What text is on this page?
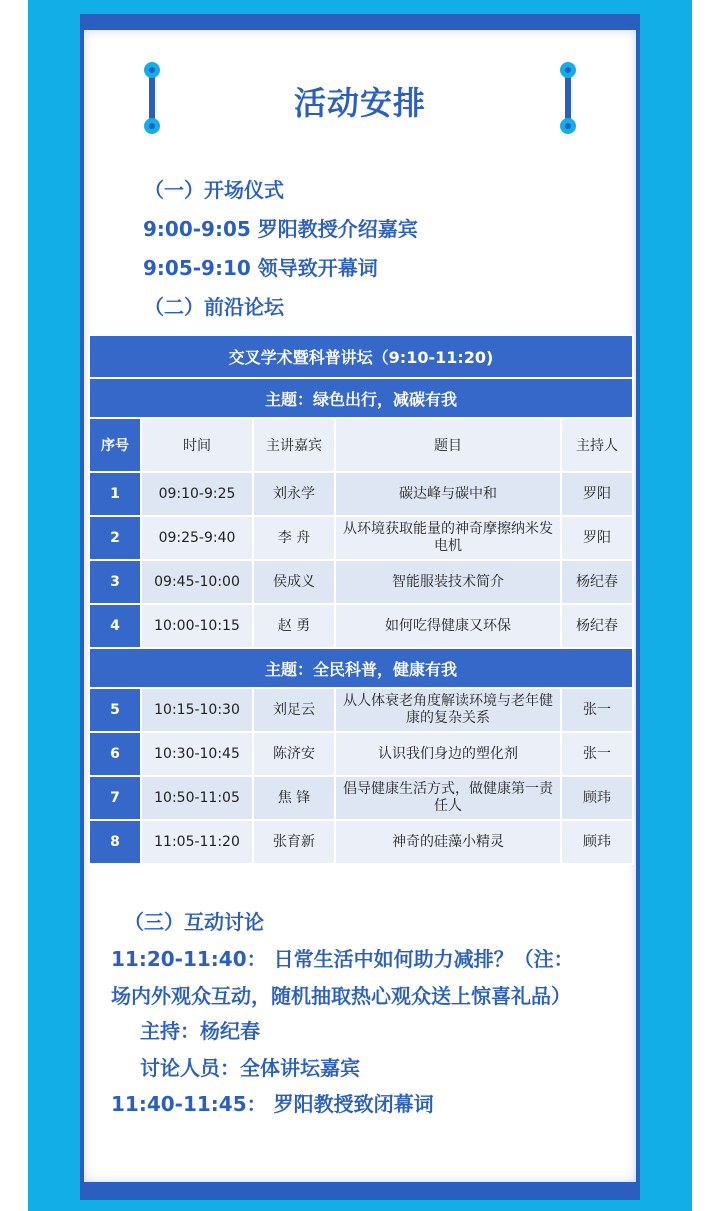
活动安排
（一）开场仪式
9:00-9:05 罗阳教授介绍嘉宾
9:05-9:10 领导致开幕词
（二）前沿论坛
交叉学术暨科普讲坛（9:10-11:20)				
主题：绿色出行，减碳有我				
序号	时间	主讲嘉宾	题目	主持人
1	09:10-9:25	刘永学	碳达峰与碳中和	罗阳
2	09:25-9:40	李 舟	从环境获取能量的神奇摩擦纳米发电机	罗阳
3	09:45-10:00	侯成义	智能服装技术简介	杨纪春
4	10:00-10:15	赵 勇	如何吃得健康又环保	杨纪春
主题：全民科普，健康有我				
5	10:15-10:30	刘足云	从人体衰老角度解读环境与老年健康的复杂关系	张一
6	10:30-10:45	陈济安	认识我们身边的塑化剂	张一
7	10:50-11:05	焦 锋	倡导健康生活方式，做健康第一责任人	顾玮
8	11:05-11:20	张育新	神奇的硅藻小精灵	顾玮
（三）互动讨论
11:20-11:40： 日常生活中如何助力减排？（注：
场内外观众互动，随机抽取热心观众送上惊喜礼品）
主持：杨纪春
讨论人员：全体讲坛嘉宾
11:40-11:45： 罗阳教授致闭幕词
